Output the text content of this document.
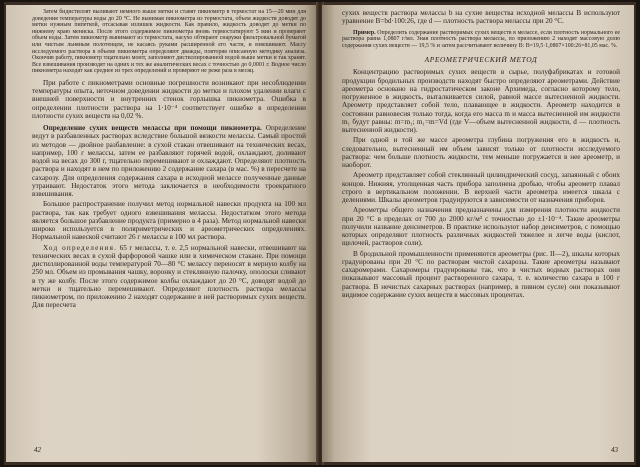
Затем бидистиллят выливают немного выше метки и ставят пикнометр в термостат на 15—20 мин для доведения температуры воды до 20 °С. Не вынимая пикнометра из термостата, объем жидкости доводят до метки нужным пипеткой, отсасывая излишек жидкости. Как правило, жидкость доводят до метки по нижнему краю мениска. После этого содержимое пикнометра вновь термостатируют 5 мин и проверяют объем воды. Затем пикнометр вынимают из термостата, насухо обтирают снаружи фильтровальной бумагой или чистым льняным полотенцем, не касаясь руками расширенной его части, и взвешивают. Массу исследуемого раствора в объеме пикнометра определяют дважды, повторяя описанную методику анализа. Окончив работу, пикнометр тщательно моют, заполняют дистиллированной водой выше метки и так хранят. Все взвешивания производят на одних и тех же аналитических весах с точностью до 0,0001 г. Водное число пикнометра находят как среднее из трех определений и проверяют не реже раза в месяц.

При работе с пикнометрами основные погрешности возникают при несоблюдении температуры опыта, неточном доведении жидкости до метки и плохом удалении влаги с внешней поверхности и внутренних стенок горлышка пикнометра. Ошибка в определении плотности раствора на 1·10⁻⁴ соответствует ошибке в определении плотности сухих веществ на 0,02 %.

Определение сухих веществ мелассы при помощи пикнометра. Определение ведут в разбавленных растворах вследствие большой вязкости мелассы. Самый простой из методов — двойное разбавление: в сухой стакан отвешивают на технических весах, например, 100 г мелассы, затем ее разбавляют горячей водой, охлаждают, доливают водой на весах до 300 г, тщательно перемешивают и охлаждают. Определяют плотность раствора и находят в нем по приложению 2 содержание сахара (в мас. %) в пересчете на сахарозу. Для определения содержания сахара в исходной мелассе полученные данные утраивают. Недостаток этого метода заключается в необходимости троекратного взвешивания.

Большое распространение получил метод нормальной навески продукта на 100 мл раствора, так как требует одного взвешивания мелассы. Недостатком этого метода является большое разбавление продукта (примерно в 4 раза). Метод нормальной навески широко используется в поляриметрических и ареометрических определениях. Нормальной навеской считают 26 г мелассы в 100 мл раствора.

Ход определения. 65 г мелассы, т. е. 2,5 нормальной навески, отвешивают на технических весах в сухой фарфоровой чашке или в химическом стакане. При помощи дистиллированной воды температурой 70—80 °С мелассу переносят в мерную колбу на 250 мл. Объем из промывания чашку, воронку и стеклянную палочку, ополоски сливают в ту же колбу. После этого содержимое колбы охлаждают до 20 °С, доводят водой до метки и тщательно перемешивают. Определяют плотность раствора мелассы пикнометром, по приложению 2 находят содержание в ней растворимых сухих веществ. Для пересчета

42

сухих веществ раствора мелассы b на сухие вещества исходной мелассы B используют уравнение B=bd·100:26, где d — плотность раствора мелассы при 20 °С.

Пример. Определить содержание растворимых сухих веществ в мелассе, если плотность нормального ее раствора равна 1,0807 г/мл. Зная плотность раствора мелассы, по приложению 2 находят массовую долю содержания сухих веществ — 19,5 % и затем рассчитывают величину B: B=19,5·1,0807×100:26=81,05 мас. %.

АРЕОМЕТРИЧЕСКИЙ МЕТОД

Концентрацию растворимых сухих веществ в сырье, полуфабрикатах и готовой продукции бродильных производств находят быстро определяют ареометрами. Действие ареометра основано на гидростатическом законе Архимеда, согласно которому тело, погруженное в жидкость, выталкивается силой, равной массе вытесненной жидкости. Ареометр представляет собой тело, плавающее в жидкости. Ареометр находится в состоянии равновесия только тогда, когда его масса m и масса вытесненной им жидкости m₁ будут равны: m=m₁; m₁=m=Vd (где V—объем вытесненной жидкости, d — плотность вытесненной жидкости).

При одной и той же массе ареометра глубина погружения его в жидкость и, следовательно, вытесненный им объем зависят только от плотности исследуемого раствора: чем больше плотность жидкости, тем меньше погружается в нее ареометр, и наоборот.

Ареометр представляет собой стеклянный цилиндрический сосуд, запаянный с обоих концов. Нижняя, утолщенная часть прибора заполнена дробью, чтобы ареометр плавал строго в вертикальном положении. В верхней части ареометра имеется шкала с делениями. Шкалы ареометров градуируются в зависимости от назначения приборов.

Ареометры общего назначения предназначены для измерения плотности жидкости при 20 °С в пределах от 700 до 2000 кг/м³ с точностью до ±1·10⁻⁴. Такие ареометры получили название денсиметров. В практике используют набор денсиметров, с помощью которых определяют плотность различных жидкостей тяжелее и легче воды (кислот, щелочей, растворов соли).

В бродильной промышленности применяются ареометры (рис. II—2), шкалы которых градуированы при 20 °С по растворам чистой сахарозы. Такие ареометры называют сахаромерами. Сахаромеры градуированы так, что в чистых водных растворах они показывают массовый процент растворенного сахара, т. е. количество сахара в 100 г раствора. В нечистых сахарных растворах (например, в пивном сусле) они показывают видимое содержание сухих веществ в массовых процентах.

43
